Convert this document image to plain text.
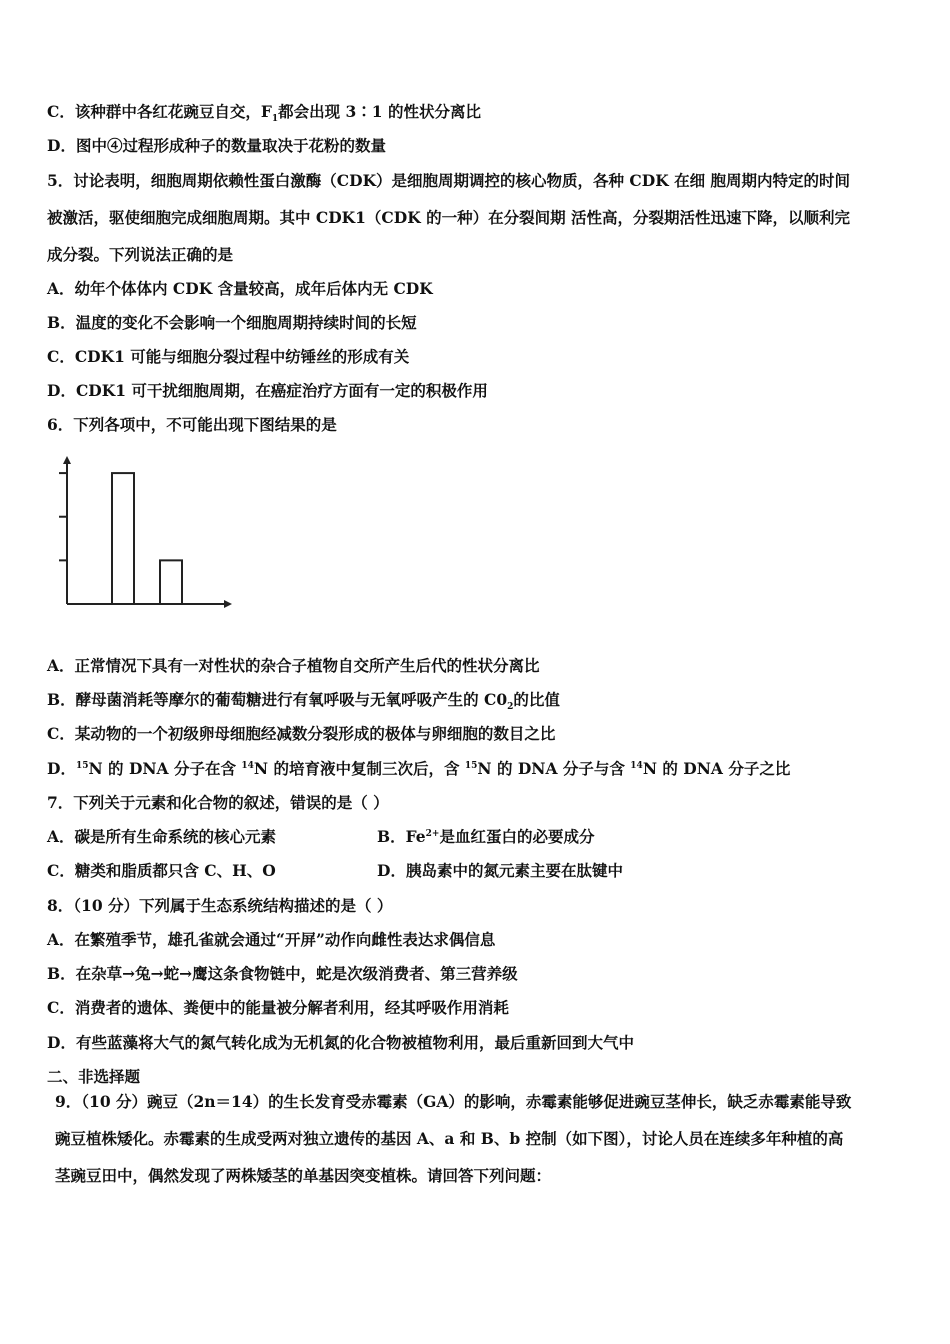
C．该种群中各红花豌豆自交，$F_1$都会出现 3∶1 的性状分离比
D．图中④过程形成种子的数量取决于花粉的数量
5．讨论表明，细胞周期依赖性蛋白激酶（CDK）是细胞周期调控的核心物质，各种 CDK 在细 胞周期内特定的时间
被激活，驱使细胞完成细胞周期。其中 CDK1（CDK 的一种）在分裂间期 活性高，分裂期活性迅速下降，以顺利完
成分裂。下列说法正确的是
A．幼年个体体内 CDK 含量较高，成年后体内无 CDK
B．温度的变化不会影响一个细胞周期持续时间的长短
C．CDK1 可能与细胞分裂过程中纺锤丝的形成有关
D．CDK1 可干扰细胞周期，在癌症治疗方面有一定的积极作用
6．下列各项中，不可能出现下图结果的是
A．正常情况下具有一对性状的杂合子植物自交所产生后代的性状分离比
B．酵母菌消耗等摩尔的葡萄糖进行有氧呼吸与无氧呼吸产生的 $C0_2$的比值
C．某动物的一个初级卵母细胞经减数分裂形成的极体与卵细胞的数目之比
D．$^{15}$N 的 DNA 分子在含 $^{14}$N 的培育液中复制三次后，含 $^{15}$N 的 DNA 分子与含 $^{14}$N 的 DNA 分子之比
7．下列关于元素和化合物的叙述，错误的是（ ）
A．碳是所有生命系统的核心元素	B．$Fe^{2+}$是血红蛋白的必要成分
C．糖类和脂质都只含 C、H、O	D．胰岛素中的氮元素主要在肽键中
8．（10 分）下列属于生态系统结构描述的是（ ）
A．在繁殖季节，雄孔雀就会通过“开屏”动作向雌性表达求偶信息
B．在杂草→兔→蛇→鹰这条食物链中，蛇是次级消费者、第三营养级
C．消费者的遗体、粪便中的能量被分解者利用，经其呼吸作用消耗
D．有些蓝藻将大气的氮气转化成为无机氮的化合物被植物利用，最后重新回到大气中
二、非选择题
9．（10 分）豌豆（2n＝14）的生长发育受赤霉素（GA）的影响，赤霉素能够促进豌豆茎伸长，缺乏赤霉素能导致
豌豆植株矮化。赤霉素的生成受两对独立遗传的基因 A、a 和 B、b 控制（如下图），讨论人员在连续多年种植的高
茎豌豆田中，偶然发现了两株矮茎的单基因突变植株。请回答下列问题：
